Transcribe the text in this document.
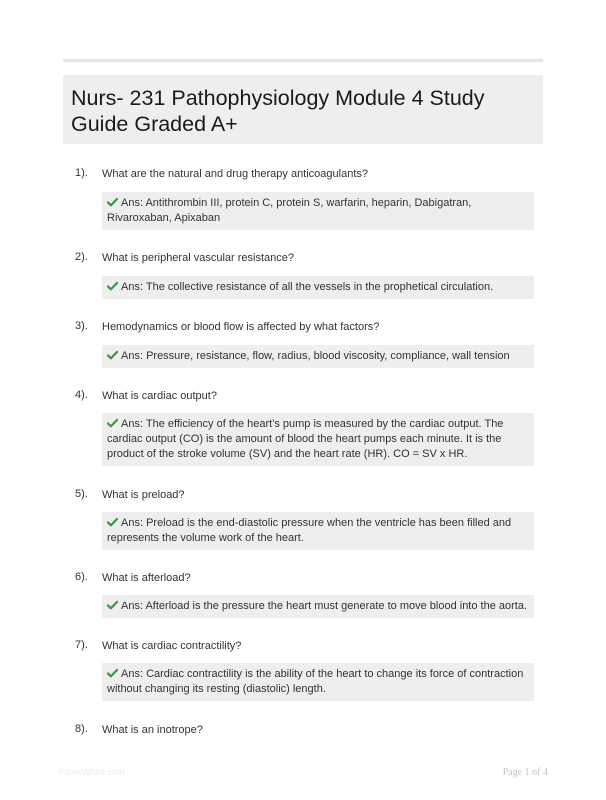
Nurs- 231 Pathophysiology Module 4 Study Guide Graded A+
1). What are the natural and drug therapy anticoagulants?
Ans: Antithrombin III, protein C, protein S, warfarin, heparin, Dabigatran, Rivaroxaban, Apixaban
2). What is peripheral vascular resistance?
Ans: The collective resistance of all the vessels in the prophetical circulation.
3). Hemodynamics or blood flow is affected by what factors?
Ans: Pressure, resistance, flow, radius, blood viscosity, compliance, wall tension
4). What is cardiac output?
Ans: The efficiency of the heart's pump is measured by the cardiac output. The cardiac output (CO) is the amount of blood the heart pumps each minute. It is the product of the stroke volume (SV) and the heart rate (HR). CO = SV x HR.
5). What is preload?
Ans: Preload is the end-diastolic pressure when the ventricle has been filled and represents the volume work of the heart.
6). What is afterload?
Ans: Afterload is the pressure the heart must generate to move blood into the aorta.
7). What is cardiac contractility?
Ans: Cardiac contractility is the ability of the heart to change its force of contraction without changing its resting (diastolic) length.
8). What is an inotrope?
PaperWhite.com	Page 1 of 4
